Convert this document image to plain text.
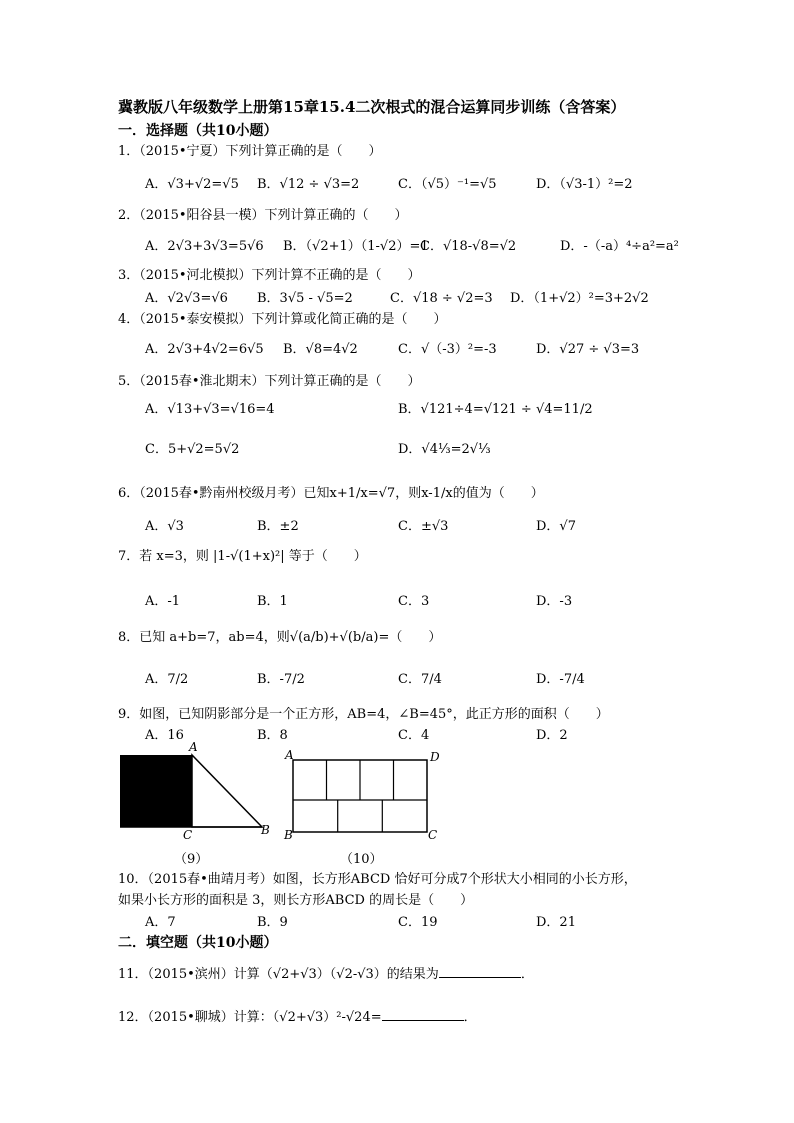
冀教版八年级数学上册第15章15.4二次根式的混合运算同步训练（含答案）
一．选择题（共10小题）
1．（2015•宁夏）下列计算正确的是（　　）
A．√3+√2=√5 B．√12 ÷ √3=2	C．（√5）⁻¹=√5	D．（√3-1）²=2
2．（2015•阳谷县一模）下列计算正确的（　　）
A．2√3+3√3=5√6 B．（√2+1）（1-√2）=1
C．√18-√8=√2	D．-（-a）⁴÷a²=a²
3．（2015•河北模拟）下列计算不正确的是（　　）
A．√2√3=√6 B．3√5 - √5=2	C．√18 ÷ √2=3 D．（1+√2）²=3+2√2
4．（2015•泰安模拟）下列计算或化简正确的是（　　）
A．2√3+4√2=6√5 B．√8=4√2	C．√（-3）²=-3	D．√27 ÷ √3=3
5．（2015春•淮北期末）下列计算正确的是（　　）
A．√13+√3=√16=4	B．√121÷4=√121 ÷ √4=11/2
C．5+√2=5√2	D．√4⅓=2√⅓
6．（2015春•黔南州校级月考）已知x+1/x=√7，则x-1/x的值为（　　）
A．√3	B．±2	C．±√3	D．√7
7．若 x=3，则 |1-√(1+x)²| 等于（　　）
A．-1	B．1	C．3	D．-3
8．已知 a+b=7，ab=4，则√(a/b)+√(b/a)=（　　）
A．7/2	B．-7/2	C．7/4	D．-7/4
9．如图，已知阴影部分是一个正方形，AB=4，∠B=45°，此正方形的面积（　　）
A．16	B．8	C．4	D．2
A
C	B
（9）
A	D
B	C
（10）
10．（2015春•曲靖月考）如图，长方形ABCD 恰好可分成7个形状大小相同的小长方形，
如果小长方形的面积是 3，则长方形ABCD 的周长是（　　）
A．7	B．9	C．19	D．21
二．填空题（共10小题）
11．（2015•滨州）计算（√2+√3）（√2-√3）的结果为	．
12．（2015•聊城）计算：（√2+√3）²-√24=	．
